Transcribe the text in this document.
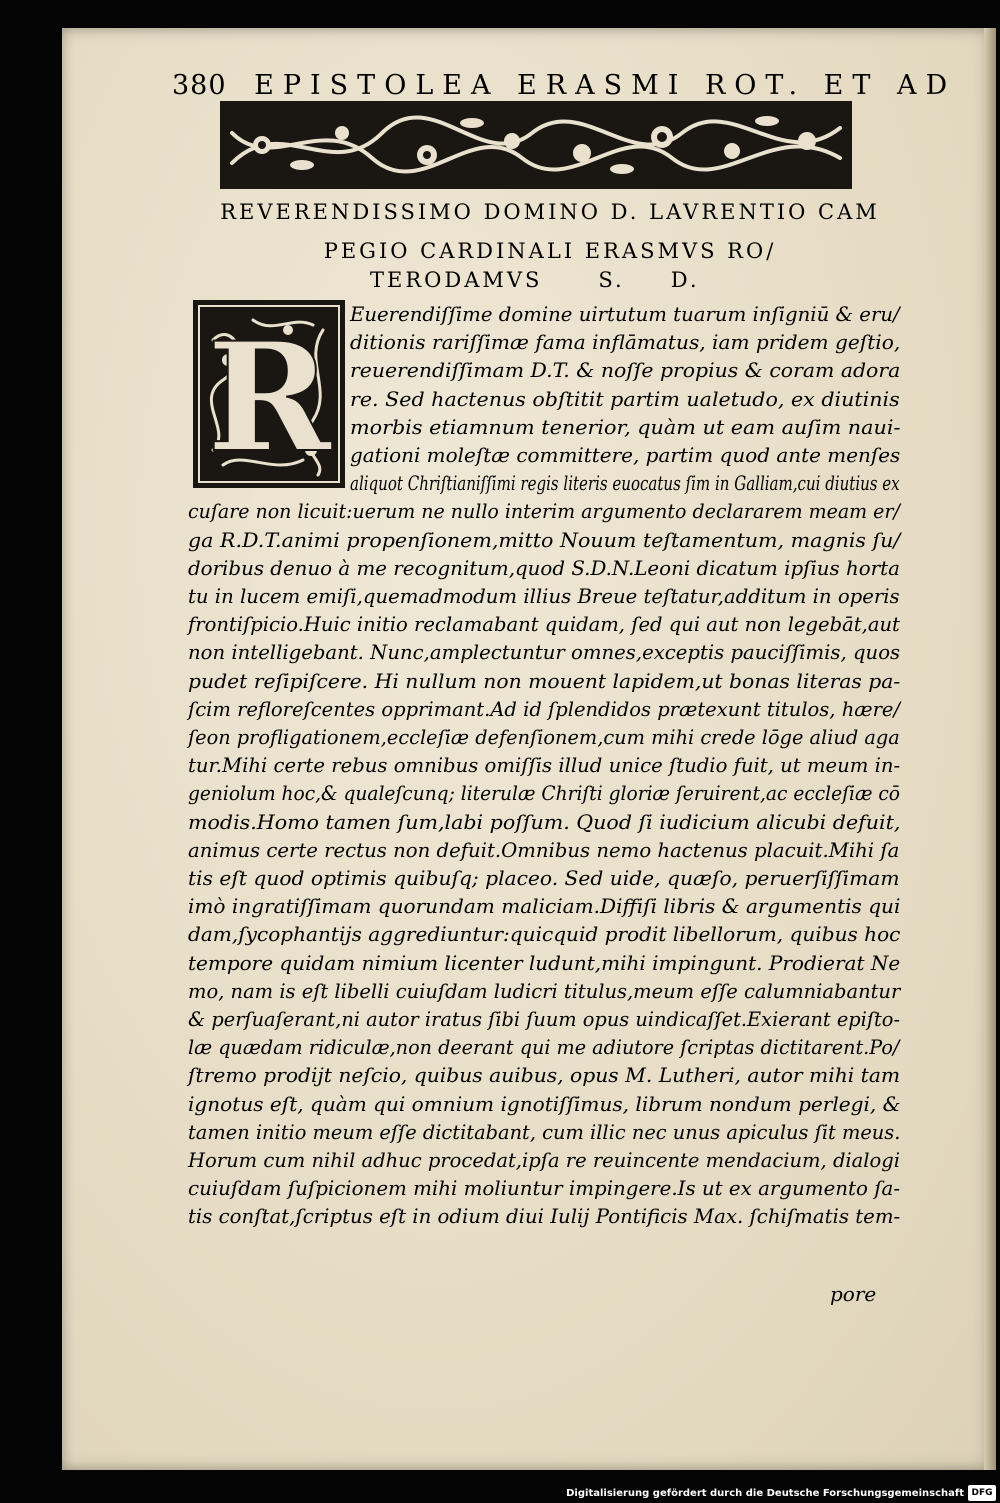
380 EPISTOLEA ERASMI ROT. ET AD
REVERENDISSIMO DOMINO D. LAVRENTIO CAM
PEGIO CARDINALI ERASMVS RO/
TERODAMVS	S. D.
R Euerendiſſime domine uirtutum tuarum inſigniū & eru/
ditionis rariſſimæ fama inflāmatus, iam pridem geſtio,
reuerendiſſimam D.T. & noſſe propius & coram adora
re. Sed hactenus obſtitit partim ualetudo, ex diutinis
morbis etiamnum tenerior, quàm ut eam auſim naui-
gationi moleſtæ committere, partim quod ante menſes
aliquot Chriſtianiſſimi regis literis euocatus ſim in Galliam,cui diutius ex
cuſare non licuit:uerum ne nullo interim argumento declararem meam er/
ga R.D.T.animi propenſionem,mitto Nouum teſtamentum, magnis ſu/
doribus denuo à me recognitum,quod S.D.N.Leoni dicatum ipſius horta
tu in lucem emiſi,quemadmodum illius Breue teſtatur,additum in operis
frontiſpicio.Huic initio reclamabant quidam, ſed qui aut non legebāt,aut
non intelligebant. Nunc,amplectuntur omnes,exceptis pauciſſimis, quos
pudet reſipiſcere. Hi nullum non mouent lapidem,ut bonas literas pa-
ſcim refloreſcentes opprimant.Ad id ſplendidos prætexunt titulos, hære/
ſeon profligationem,eccleſiæ defenſionem,cum mihi crede lōge aliud aga
tur.Mihi certe rebus omnibus omiſſis illud unice ſtudio fuit, ut meum in-
geniolum hoc,& qualeſcunq; literulæ Chriſti gloriæ ſeruirent,ac eccleſiæ cō
modis.Homo tamen ſum,labi poſſum. Quod ſi iudicium alicubi defuit,
animus certe rectus non defuit.Omnibus nemo hactenus placuit.Mihi ſa
tis eſt quod optimis quibuſq; placeo. Sed uide, quæſo, peruerſiſſimam
imò ingratiſſimam quorundam maliciam.Diffiſi libris & argumentis qui
dam,ſycophantijs aggrediuntur:quicquid prodit libellorum, quibus hoc
tempore quidam nimium licenter ludunt,mihi impingunt. Prodierat Ne
mo, nam is eſt libelli cuiuſdam ludicri titulus,meum eſſe calumniabantur
& perſuaſerant,ni autor iratus ſibi ſuum opus uindicaſſet.Exierant epiſto-
læ quædam ridiculæ,non deerant qui me adiutore ſcriptas dictitarent.Po/
ſtremo prodijt neſcio, quibus auibus, opus M. Lutheri, autor mihi tam
ignotus eſt, quàm qui omnium ignotiſſimus, librum nondum perlegi, &
tamen initio meum eſſe dictitabant, cum illic nec unus apiculus ſit meus.
Horum cum nihil adhuc procedat,ipſa re reuincente mendacium, dialogi
cuiuſdam ſuſpicionem mihi moliuntur impingere.Is ut ex argumento ſa-
tis conſtat,ſcriptus eſt in odium diui Iulij Pontificis Max. ſchiſmatis tem-
pore
Digitalisierung gefördert durch die Deutsche Forschungsgemeinschaft DFG
